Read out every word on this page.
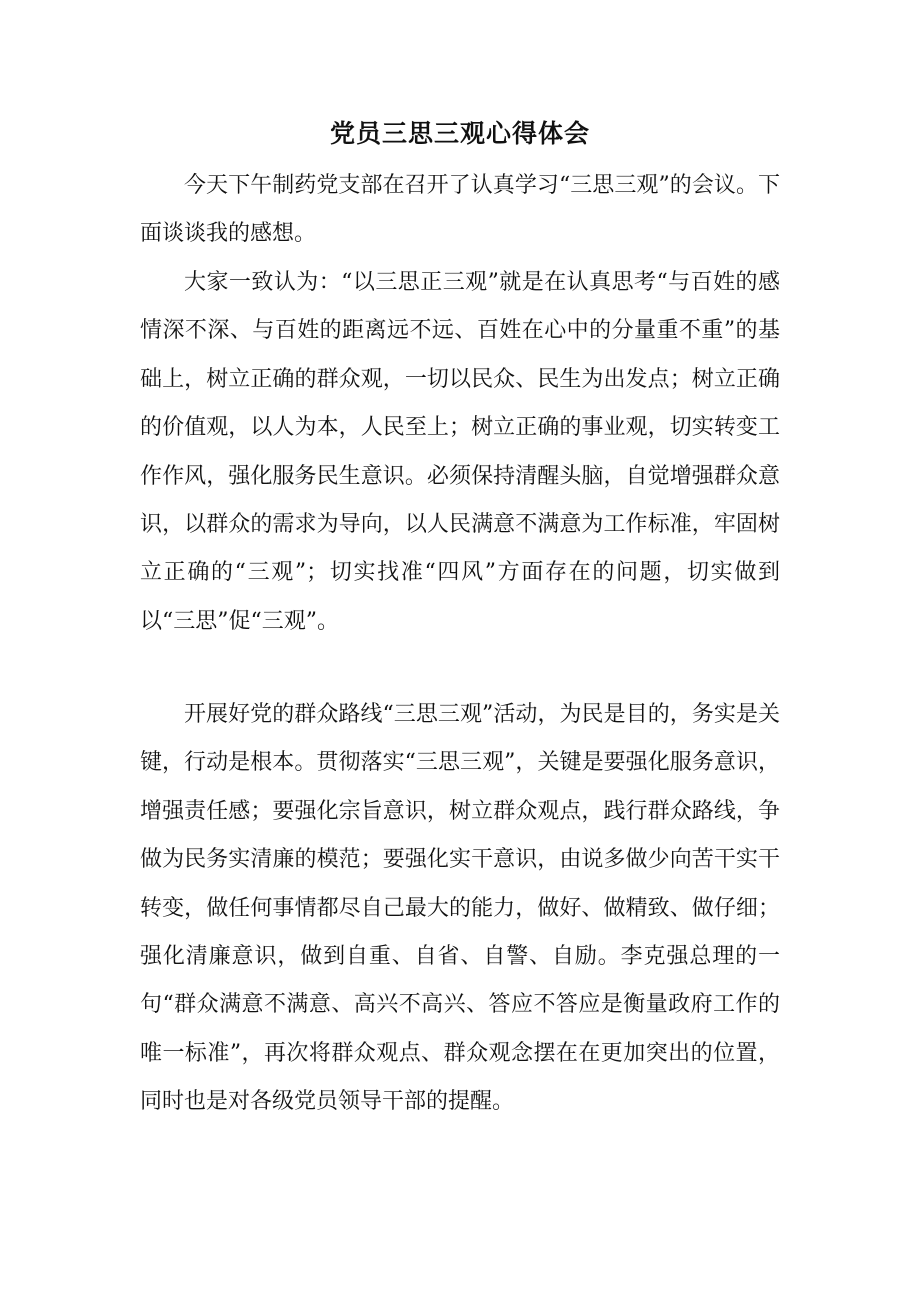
党员三思三观心得体会

今天下午制药党支部在召开了认真学习“三思三观”的会议。下面谈谈我的感想。

大家一致认为：“以三思正三观”就是在认真思考“与百姓的感情深不深、与百姓的距离远不远、百姓在心中的分量重不重”的基础上，树立正确的群众观，一切以民众、民生为出发点；树立正确的价值观，以人为本，人民至上；树立正确的事业观，切实转变工作作风，强化服务民生意识。必须保持清醒头脑，自觉增强群众意识，以群众的需求为导向，以人民满意不满意为工作标准，牢固树立正确的“三观”；切实找准“四风”方面存在的问题，切实做到以“三思”促“三观”。

开展好党的群众路线“三思三观”活动，为民是目的，务实是关键，行动是根本。贯彻落实“三思三观”，关键是要强化服务意识，增强责任感；要强化宗旨意识，树立群众观点，践行群众路线，争做为民务实清廉的模范；要强化实干意识，由说多做少向苦干实干转变，做任何事情都尽自己最大的能力，做好、做精致、做仔细；强化清廉意识，做到自重、自省、自警、自励。李克强总理的一句“群众满意不满意、高兴不高兴、答应不答应是衡量政府工作的唯一标准”，再次将群众观点、群众观念摆在在更加突出的位置，同时也是对各级党员领导干部的提醒。
